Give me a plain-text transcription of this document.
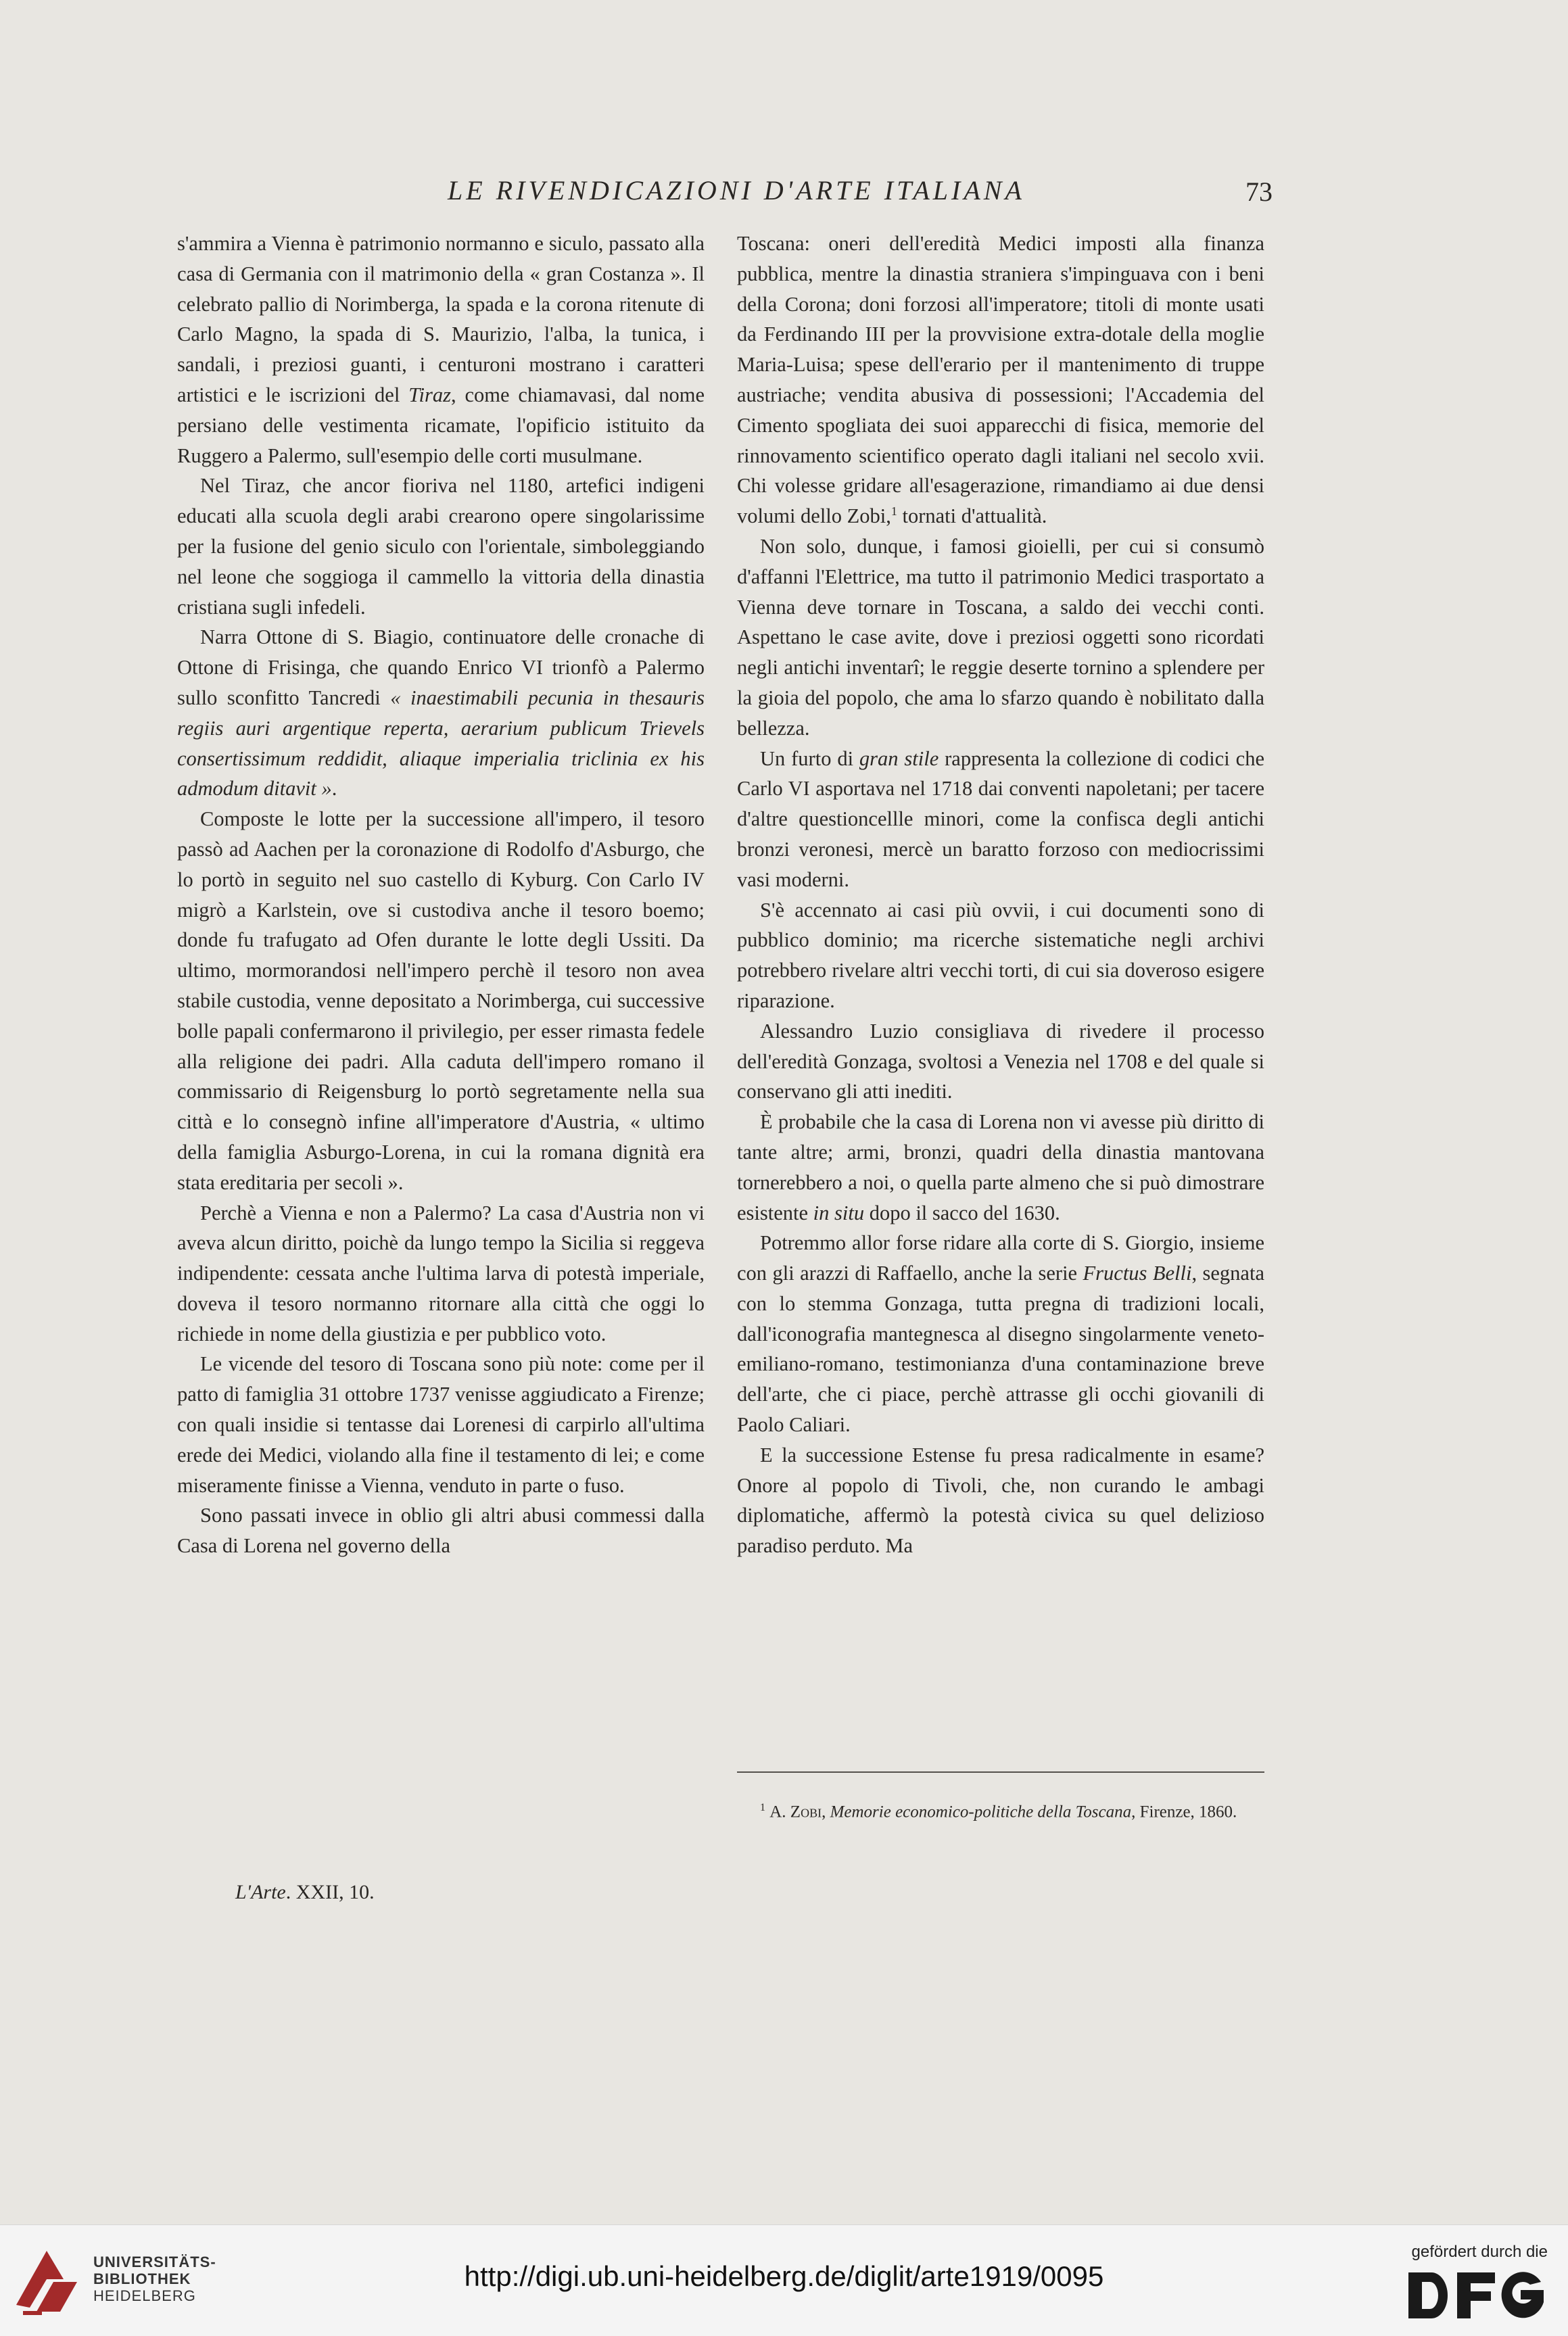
LE RIVENDICAZIONI D'ARTE ITALIANA	73

s'ammira a Vienna è patrimonio normanno e siculo, passato alla casa di Germania con il matrimonio della « gran Costanza ». Il celebrato pallio di Norimberga, la spada e la corona ritenute di Carlo Magno, la spada di S. Maurizio, l'alba, la tunica, i sandali, i preziosi guanti, i centuroni mostrano i caratteri artistici e le iscrizioni del Tiraz, come chiamavasi, dal nome persiano delle vestimenta ricamate, l'opificio istituito da Ruggero a Palermo, sull'esempio delle corti musulmane.

Nel Tiraz, che ancor fioriva nel 1180, artefici indigeni educati alla scuola degli arabi crearono opere singolarissime per la fusione del genio siculo con l'orientale, simboleggiando nel leone che soggioga il cammello la vittoria della dinastia cristiana sugli infedeli.

Narra Ottone di S. Biagio, continuatore delle cronache di Ottone di Frisinga, che quando Enrico VI trionfò a Palermo sullo sconfitto Tancredi « inaestimabili pecunia in thesauris regiis auri argentique reperta, aerarium publicum Trievels consertissimum reddidit, aliaque imperialia triclinia ex his admodum ditavit ».

Composte le lotte per la successione all'impero, il tesoro passò ad Aachen per la coronazione di Rodolfo d'Asburgo, che lo portò in seguito nel suo castello di Kyburg. Con Carlo IV migrò a Karlstein, ove si custodiva anche il tesoro boemo; donde fu trafugato ad Ofen durante le lotte degli Ussiti. Da ultimo, mormorandosi nell'impero perchè il tesoro non avea stabile custodia, venne depositato a Norimberga, cui successive bolle papali confermarono il privilegio, per esser rimasta fedele alla religione dei padri. Alla caduta dell'impero romano il commissario di Reigensburg lo portò segretamente nella sua città e lo consegnò infine all'imperatore d'Austria, « ultimo della famiglia Asburgo-Lorena, in cui la romana dignità era stata ereditaria per secoli ».

Perchè a Vienna e non a Palermo? La casa d'Austria non vi aveva alcun diritto, poichè da lungo tempo la Sicilia si reggeva indipendente: cessata anche l'ultima larva di potestà imperiale, doveva il tesoro normanno ritornare alla città che oggi lo richiede in nome della giustizia e per pubblico voto.

Le vicende del tesoro di Toscana sono più note: come per il patto di famiglia 31 ottobre 1737 venisse aggiudicato a Firenze; con quali insidie si tentasse dai Lorenesi di carpirlo all'ultima erede dei Medici, violando alla fine il testamento di lei; e come miseramente finisse a Vienna, venduto in parte o fuso.

Sono passati invece in oblio gli altri abusi commessi dalla Casa di Lorena nel governo della

Toscana: oneri dell'eredità Medici imposti alla finanza pubblica, mentre la dinastia straniera s'impinguava con i beni della Corona; doni forzosi all'imperatore; titoli di monte usati da Ferdinando III per la provvisione extra-dotale della moglie Maria-Luisa; spese dell'erario per il mantenimento di truppe austriache; vendita abusiva di possessioni; l'Accademia del Cimento spogliata dei suoi apparecchi di fisica, memorie del rinnovamento scientifico operato dagli italiani nel secolo xvii. Chi volesse gridare all'esagerazione, rimandiamo ai due densi volumi dello Zobi,$^1$ tornati d'attualità.

Non solo, dunque, i famosi gioielli, per cui si consumò d'affanni l'Elettrice, ma tutto il patrimonio Medici trasportato a Vienna deve tornare in Toscana, a saldo dei vecchi conti. Aspettano le case avite, dove i preziosi oggetti sono ricordati negli antichi inventarî; le reggie deserte tornino a splendere per la gioia del popolo, che ama lo sfarzo quando è nobilitato dalla bellezza.

Un furto di gran stile rappresenta la collezione di codici che Carlo VI asportava nel 1718 dai conventi napoletani; per tacere d'altre questioncellle minori, come la confisca degli antichi bronzi veronesi, mercè un baratto forzoso con mediocrissimi vasi moderni.

S'è accennato ai casi più ovvii, i cui documenti sono di pubblico dominio; ma ricerche sistematiche negli archivi potrebbero rivelare altri vecchi torti, di cui sia doveroso esigere riparazione.

Alessandro Luzio consigliava di rivedere il processo dell'eredità Gonzaga, svoltosi a Venezia nel 1708 e del quale si conservano gli atti inediti.

È probabile che la casa di Lorena non vi avesse più diritto di tante altre; armi, bronzi, quadri della dinastia mantovana tornerebbero a noi, o quella parte almeno che si può dimostrare esistente in situ dopo il sacco del 1630.

Potremmo allor forse ridare alla corte di S. Giorgio, insieme con gli arazzi di Raffaello, anche la serie Fructus Belli, segnata con lo stemma Gonzaga, tutta pregna di tradizioni locali, dall'iconografia mantegnesca al disegno singolarmente veneto-emiliano-romano, testimonianza d'una contaminazione breve dell'arte, che ci piace, perchè attrasse gli occhi giovanili di Paolo Caliari.

E la successione Estense fu presa radicalmente in esame? Onore al popolo di Tivoli, che, non curando le ambagi diplomatiche, affermò la potestà civica su quel delizioso paradiso perduto. Ma

$^1$ A. Zobi, Memorie economico-politiche della Toscana, Firenze, 1860.
L'Arte. XXII, 10.
UNIVERSITÄTS-
BIBLIOTHEK
HEIDELBERG
http://digi.ub.uni-heidelberg.de/diglit/arte1919/0095
gefördert durch die
